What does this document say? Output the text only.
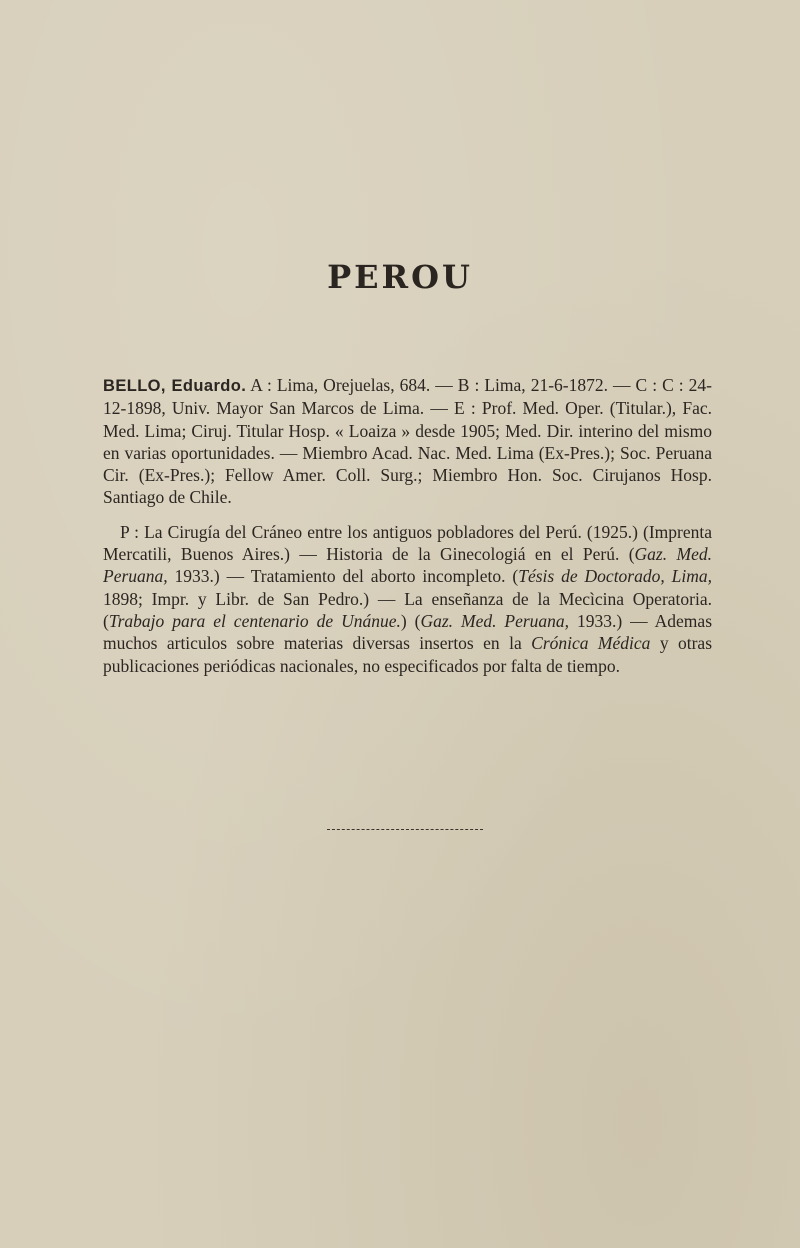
PEROU

BELLO, Eduardo. A : Lima, Orejuelas, 684. — B : Lima, 21-6-1872. — C : C : 24-12-1898, Univ. Mayor San Marcos de Lima. — E : Prof. Med. Oper. (Titular.), Fac. Med. Lima; Ciruj. Titular Hosp. « Loaiza » desde 1905; Med. Dir. interino del mismo en varias oportunidades. — Miembro Acad. Nac. Med. Lima (Ex-Pres.); Soc. Peruana Cir. (Ex-Pres.); Fellow Amer. Coll. Surg.; Miembro Hon. Soc. Cirujanos Hosp. Santiago de Chile.

P : La Cirugía del Cráneo entre los antiguos pobladores del Perú. (1925.) (Imprenta Mercatili, Buenos Aires.) — Historia de la Ginecologiá en el Perú. (Gaz. Med. Peruana, 1933.) — Tratamiento del aborto incompleto. (Tésis de Doctorado, Lima, 1898; Impr. y Libr. de San Pedro.) — La enseñanza de la Mecìcina Operatoria. (Trabajo para el centenario de Unánue.) (Gaz. Med. Peruana, 1933.) — Ademas muchos articulos sobre materias diversas insertos en la Crónica Médica y otras publicaciones periódicas nacionales, no especificados por falta de tiempo.
